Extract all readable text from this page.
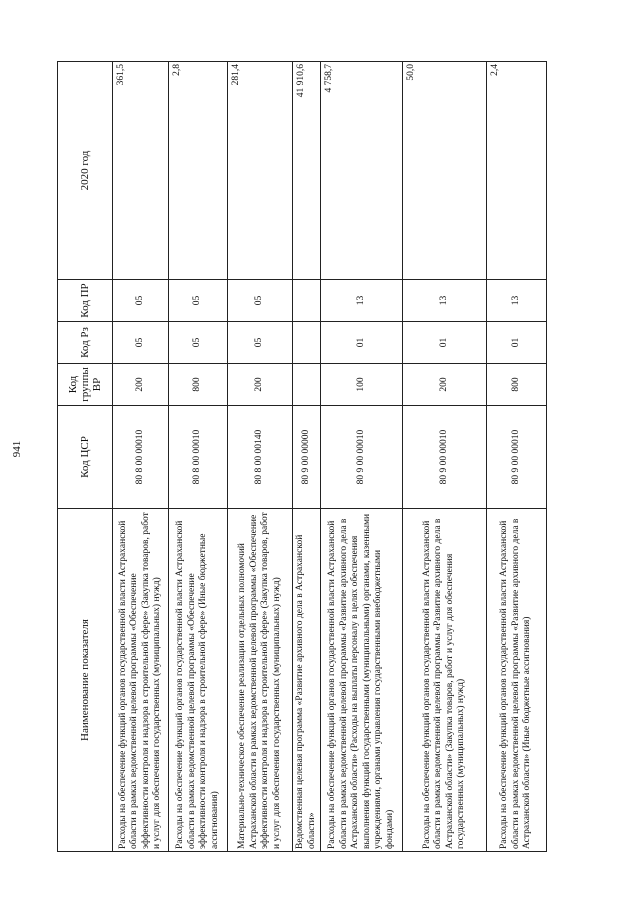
941
Наименование показателя	Код ЦСР	Код группы ВР	Код Рз	Код ПР	2020 год
Расходы на обеспечение функций органов государственной власти Астраханской области в рамках ведомственной целевой программы «Обеспечение эффективности контроля и надзора в строительной сфере» (Закупка товаров, работ и услуг для обеспечения государственных (муниципальных) нужд)	80 8 00 00010	200	05	05	361,5
Расходы на обеспечение функций органов государственной власти Астраханской области в рамках ведомственной целевой программы «Обеспечение эффективности контроля и надзора в строительной сфере» (Иные бюджетные ассигнования)	80 8 00 00010	800	05	05	2,8
Материально-техническое обеспечение реализации отдельных полномочий Астраханской области в рамках ведомственной целевой программы «Обеспечение эффективности контроля и надзора в строительной сфере» (Закупка товаров, работ и услуг для обеспечения государственных (муниципальных) нужд)	80 8 00 00140	200	05	05	281,4
Ведомственная целевая программа «Развитие архивного дела в Астраханской области»	80 9 00 00000				41 910,6
Расходы на обеспечение функций органов государственной власти Астраханской области в рамках ведомственной целевой программы «Развитие архивного дела в Астраханской области» (Расходы на выплаты персоналу в целях обеспечения выполнения функций государственными (муниципальными) органами, казенными учреждениями, органами управления государственными внебюджетными фондами)	80 9 00 00010	100	01	13	4 758,7
Расходы на обеспечение функций органов государственной власти Астраханской области в рамках ведомственной целевой программы «Развитие архивного дела в Астраханской области» (Закупка товаров, работ и услуг для обеспечения государственных (муниципальных) нужд)	80 9 00 00010	200	01	13	50,0
Расходы на обеспечение функций органов государственной власти Астраханской области в рамках ведомственной целевой программы «Развитие архивного дела в Астраханской области» (Иные бюджетные ассигнования)	80 9 00 00010	800	01	13	2,4
